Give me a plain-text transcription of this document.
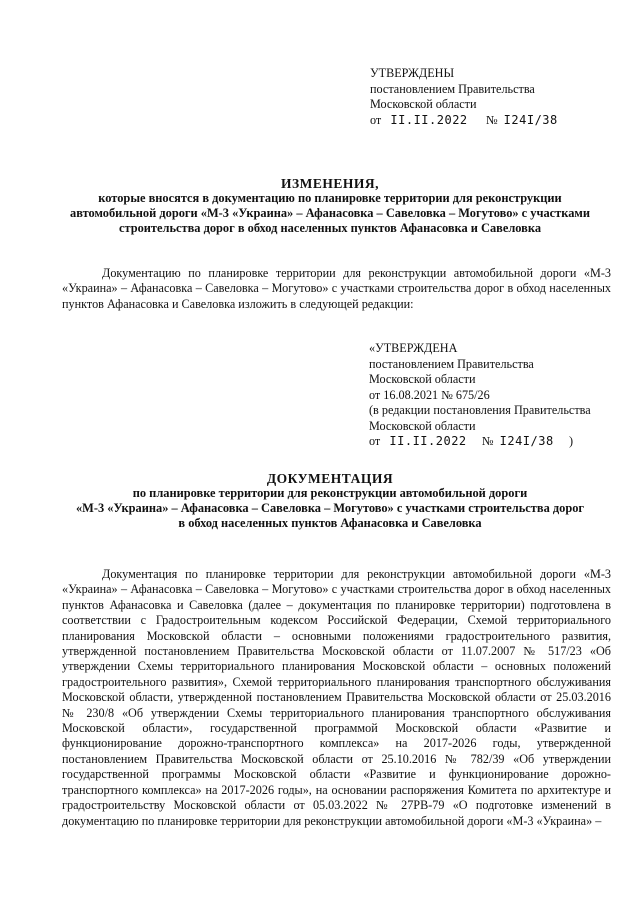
УТВЕРЖДЕНЫ
постановлением Правительства
Московской области
от II.II.2022 № I24I/38
ИЗМЕНЕНИЯ,
которые вносятся в документацию по планировке территории для реконструкции
автомобильной дороги «М-3 «Украина» – Афанасовка – Савеловка – Могутово» с участками
строительства дорог в обход населенных пунктов Афанасовка и Савеловка

Документацию по планировке территории для реконструкции автомобильной дороги «М-3 «Украина» – Афанасовка – Савеловка – Могутово» с участками строительства дорог в обход населенных пунктов Афанасовка и Савеловка изложить в следующей редакции:

«УТВЕРЖДЕНА
постановлением Правительства
Московской области
от 16.08.2021 № 675/26
(в редакции постановления Правительства
Московской области
от II.II.2022 № I24I/38 )
ДОКУМЕНТАЦИЯ
по планировке территории для реконструкции автомобильной дороги
«М-3 «Украина» – Афанасовка – Савеловка – Могутово» с участками строительства дорог
в обход населенных пунктов Афанасовка и Савеловка

Документация по планировке территории для реконструкции автомобильной дороги «М-3 «Украина» – Афанасовка – Савеловка – Могутово» с участками строительства дорог в обход населенных пунктов Афанасовка и Савеловка (далее – документация по планировке территории) подготовлена в соответствии с Градостроительным кодексом Российской Федерации, Схемой территориального планирования Московской области – основными положениями градостроительного развития, утвержденной постановлением Правительства Московской области от 11.07.2007 № 517/23 «Об утверждении Схемы территориального планирования Московской области – основных положений градостроительного развития», Схемой территориального планирования транспортного обслуживания Московской области, утвержденной постановлением Правительства Московской области от 25.03.2016 № 230/8 «Об утверждении Схемы территориального планирования транспортного обслуживания Московской области», государственной программой Московской области «Развитие и функционирование дорожно-транспортного комплекса» на 2017-2026 годы, утвержденной постановлением Правительства Московской области от 25.10.2016 № 782/39 «Об утверждении государственной программы Московской области «Развитие и функционирование дорожно-транспортного комплекса» на 2017-2026 годы», на основании распоряжения Комитета по архитектуре и градостроительству Московской области от 05.03.2022 № 27РВ-79 «О подготовке изменений в документацию по планировке территории для реконструкции автомобильной дороги «М-3 «Украина» –
